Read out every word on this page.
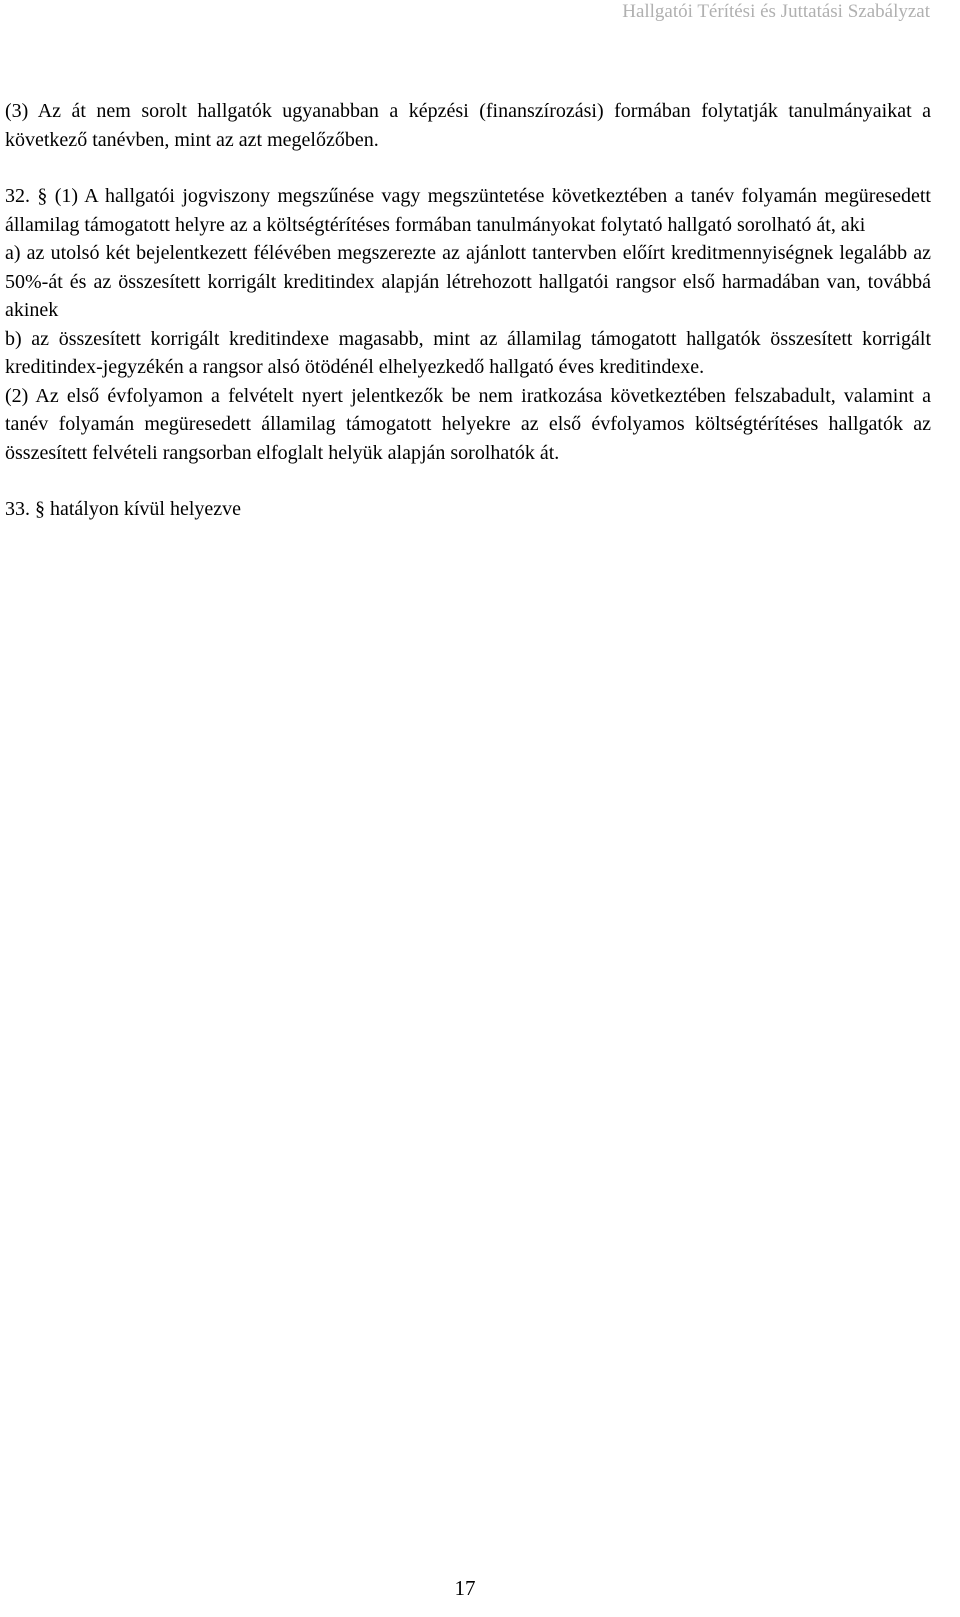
Hallgatói Térítési és Juttatási Szabályzat

(3) Az át nem sorolt hallgatók ugyanabban a képzési (finanszírozási) formában folytatják tanulmányaikat a következő tanévben, mint az azt megelőzőben.

32. § (1) A hallgatói jogviszony megszűnése vagy megszüntetése következtében a tanév folyamán megüresedett államilag támogatott helyre az a költségtérítéses formában tanulmányokat folytató hallgató sorolható át, aki

a) az utolsó két bejelentkezett félévében megszerezte az ajánlott tantervben előírt kreditmennyiségnek legalább az 50%-át és az összesített korrigált kreditindex alapján létrehozott hallgatói rangsor első harmadában van, továbbá akinek

b) az összesített korrigált kreditindexe magasabb, mint az államilag támogatott hallgatók összesített korrigált kreditindex-jegyzékén a rangsor alsó ötödénél elhelyezkedő hallgató éves kreditindexe.

(2) Az első évfolyamon a felvételt nyert jelentkezők be nem iratkozása következtében felszabadult, valamint a tanév folyamán megüresedett államilag támogatott helyekre az első évfolyamos költségtérítéses hallgatók az összesített felvételi rangsorban elfoglalt helyük alapján sorolhatók át.

33. § hatályon kívül helyezve

17
